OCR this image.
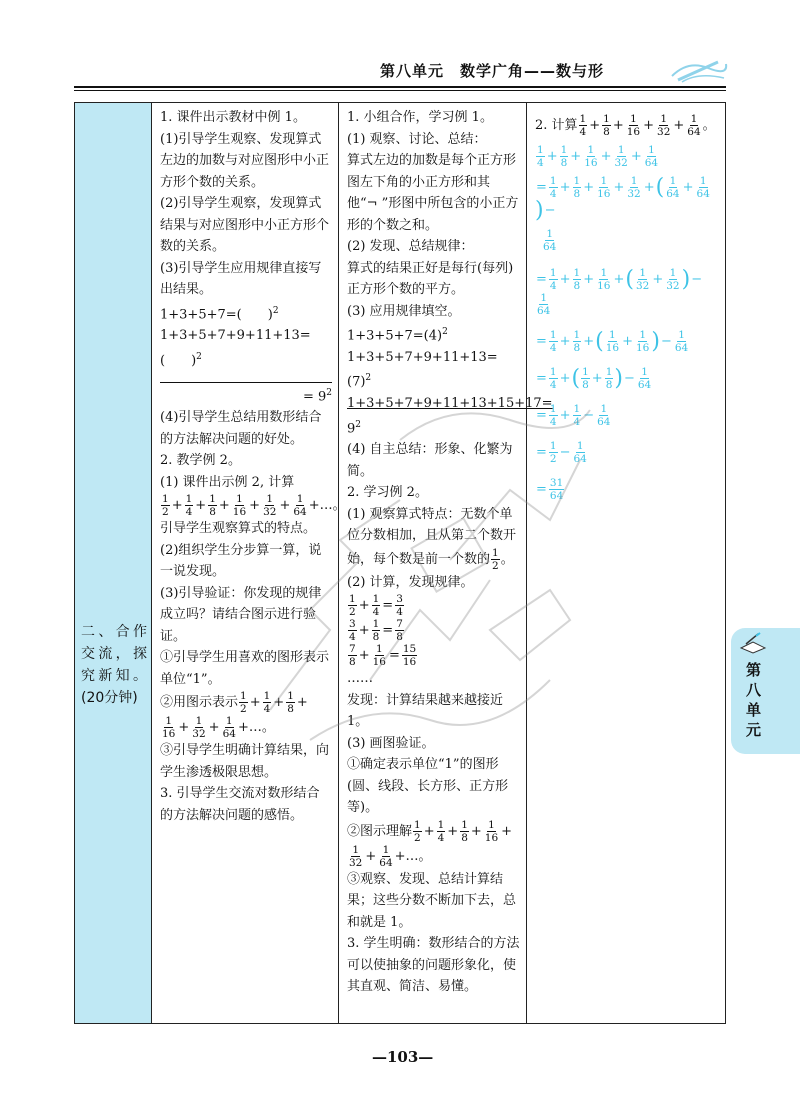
第八单元　数学广角——数与形
二、合作交流，探究新知。(20分钟)

1. 课件出示教材中例 1。

(1)引导学生观察、发现算式左边的加数与对应图形中小正方形个数的关系。

(2)引导学生观察，发现算式结果与对应图形中小正方形个数的关系。

(3)引导学生应用规律直接写出结果。

1+3+5+7=(　　)$^2$

1+3+5+7+9+11+13=(　　)$^2$

= $9^2$

(4)引导学生总结用数形结合的方法解决问题的好处。

2. 教学例 2。

(1) 课件出示例 2, 计算

$\frac{1}{2} + \frac{1}{4} + \frac{1}{8} + \frac{1}{16} + \frac{1}{32} + \frac{1}{64}$ +…。

引导学生观察算式的特点。

(2)组织学生分步算一算，说一说发现。

(3)引导验证：你发现的规律成立吗？请结合图示进行验证。

①引导学生用喜欢的图形表示单位“1”。

②用图示表示 $\frac{1}{2} + \frac{1}{4} + \frac{1}{8}$ +

$\frac{1}{16} + \frac{1}{32} + \frac{1}{64}$ +…。

③引导学生明确计算结果，向学生渗透极限思想。

3. 引导学生交流对数形结合的方法解决问题的感悟。

1. 小组合作，学习例 1。

(1) 观察、讨论、总结：

算式左边的加数是每个正方形图左下角的小正方形和其他“¬ ”形图中所包含的小正方形的个数之和。

(2) 发现、总结规律：

算式的结果正好是每行(每列)正方形个数的平方。

(3) 应用规律填空。

$1+3+5+7=(4)^2$

$1+3+5+7+9+11+13=(7)^2$

1+3+5+7+9+11+13+15+17=

$9^2$

(4) 自主总结：形象、化繁为简。

2. 学习例 2。

(1) 观察算式特点：无数个单位分数相加，且从第二个数开始，每个数是前一个数的 $\frac{1}{2}$ 。

(2) 计算，发现规律。

$\frac{1}{2} + \frac{1}{4} = \frac{3}{4}$

$\frac{3}{4} + \frac{1}{8} = \frac{7}{8}$

$\frac{7}{8} + \frac{1}{16} = \frac{15}{16}$

……

发现：计算结果越来越接近 1。

(3) 画图验证。

①确定表示单位“1”的图形(圆、线段、长方形、正方形等)。

②图示理解 $\frac{1}{2} + \frac{1}{4} + \frac{1}{8} + \frac{1}{16}$ +

$\frac{1}{32} + \frac{1}{64}$ +…。

③观察、发现、总结计算结果；这些分数不断加下去，总和就是 1。

3. 学生明确：数形结合的方法可以使抽象的问题形象化，使其直观、简洁、易懂。

2. 计算 $\frac{1}{4} + \frac{1}{8} + \frac{1}{16} + \frac{1}{32} + \frac{1}{64}$ 。
$\frac{1}{4} + \frac{1}{8} + \frac{1}{16} + \frac{1}{32} + \frac{1}{64}$
= $\frac{1}{4} + \frac{1}{8} + \frac{1}{16} + \frac{1}{32}$ + ( $\frac{1}{64} + \frac{1}{64}$
) −
$\frac{1}{64}$
= $\frac{1}{4} + \frac{1}{8} + \frac{1}{16}$ + ( $\frac{1}{32} + \frac{1}{32}$ ) −
$\frac{1}{64}$
= $\frac{1}{4} + \frac{1}{8}$ + ( $\frac{1}{16} + \frac{1}{16}$ ) − $\frac{1}{64}$
= $\frac{1}{4}$ + ( $\frac{1}{8} + \frac{1}{8}$ ) − $\frac{1}{64}$
= $\frac{1}{4} + \frac{1}{4} - \frac{1}{64}$
= $\frac{1}{2} - \frac{1}{64}$
= $\frac{31}{64}$
第八单元
—103—
